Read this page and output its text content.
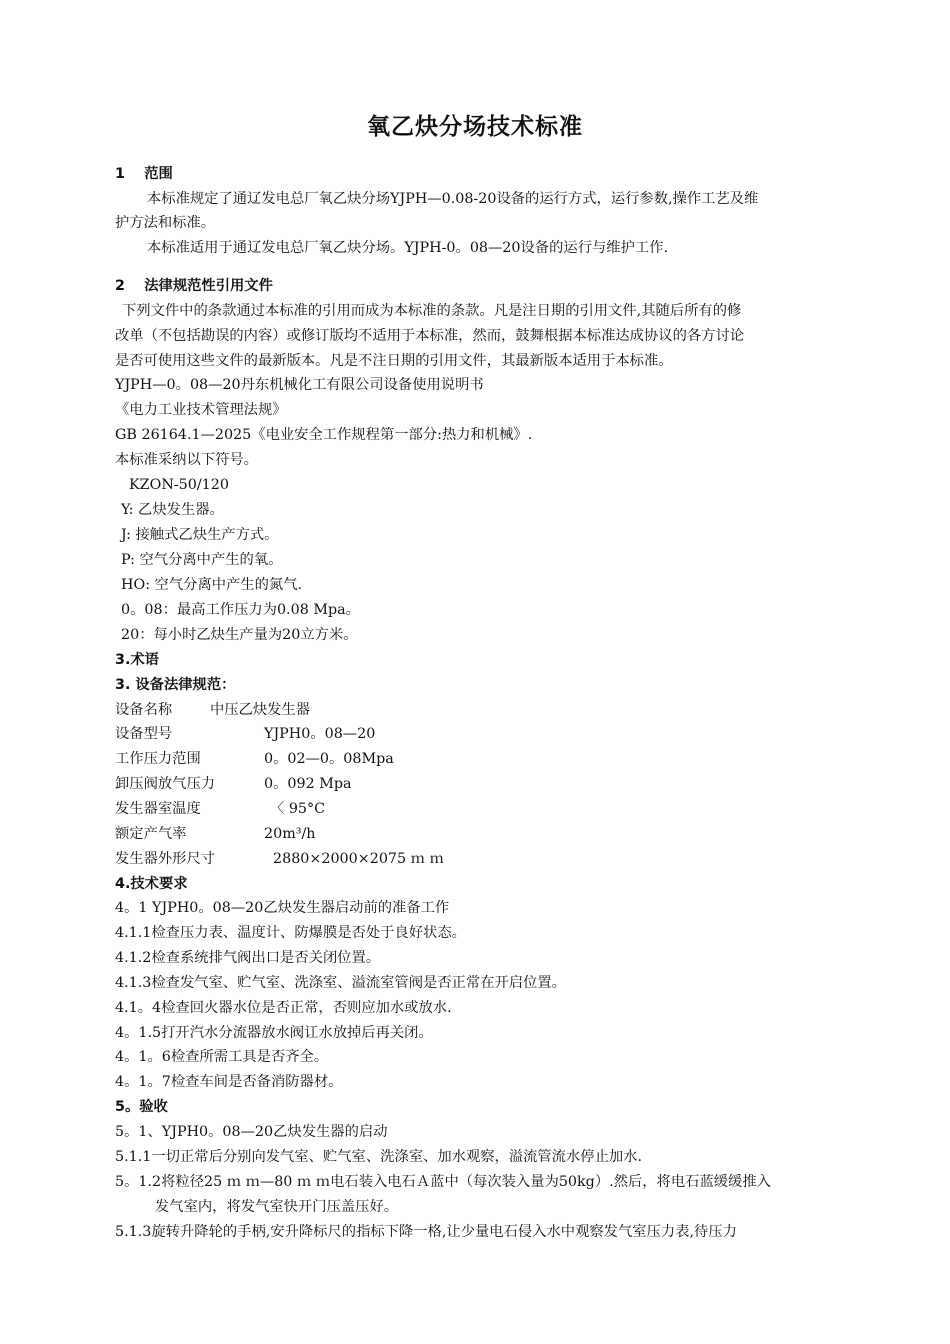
氧乙炔分场技术标准
1　 范围
本标准规定了通辽发电总厂氧乙炔分场YJPH—0.08-20设备的运行方式，运行参数,操作工艺及维
护方法和标准。
本标准适用于通辽发电总厂氧乙炔分场。YJPH-0。08—20设备的运行与维护工作.
2　 法律规范性引用文件
下列文件中的条款通过本标准的引用而成为本标准的条款。凡是注日期的引用文件,其随后所有的修
改单（不包括勘误的内容）或修订版均不适用于本标准，然而，鼓舞根据本标准达成协议的各方讨论
是否可使用这些文件的最新版本。凡是不注日期的引用文件，其最新版本适用于本标准。
YJPH—0。08—20丹东机械化工有限公司设备使用说明书
《电力工业技术管理法规》
GB 26164.1—2025《电业安全工作规程第一部分:热力和机械》.
本标准采纳以下符号。
KZON-50/120
Y: 乙炔发生器。
J: 接触式乙炔生产方式。
P: 空气分离中产生的氧。
HO: 空气分离中产生的氮气.
0。08：最高工作压力为0.08 Mpa。
20：每小时乙炔生产量为20立方米。
3.术语
3. 设备法律规范：
设备名称	中压乙炔发生器
设备型号	YJPH0。08—20
工作压力范围	0。02—0。08Mpa
卸压阀放气压力	0。092 Mpa
发生器室温度	〈 95°C
额定产气率	20m³/h
发生器外形尺寸	2880×2000×2075 ｍ ｍ
4.技术要求
4。1 YJPH0。08—20乙炔发生器启动前的准备工作
4.1.1检查压力表、温度计、防爆膜是否处于良好状态。
4.1.2检查系统排气阀出口是否关闭位置。
4.1.3检查发气室、贮气室、洗涤室、溢流室管阀是否正常在开启位置。
4.1。4检查回火器水位是否正常，否则应加水或放水.
4。1.5打开汽水分流器放水阀讧水放掉后再关闭。
4。1。6检查所需工具是否齐全。
4。1。7检查车间是否备消防器材。
5。验收
5。1、YJPH0。08—20乙炔发生器的启动
5.1.1一切正常后分别向发气室、贮气室、洗涤室、加水观察，溢流管流水停止加水.
5。1.2将粒径25 ｍ ｍ—80 ｍ ｍ电石装入电石Ａ蓝中（每次装入量为50kg）.然后，将电石蓝缓缓推入
发气室内，将发气室快开门压盖压好。
5.1.3旋转升降轮的手柄,安升降标尺的指标下降一格,让少量电石侵入水中观察发气室压力表,待压力
